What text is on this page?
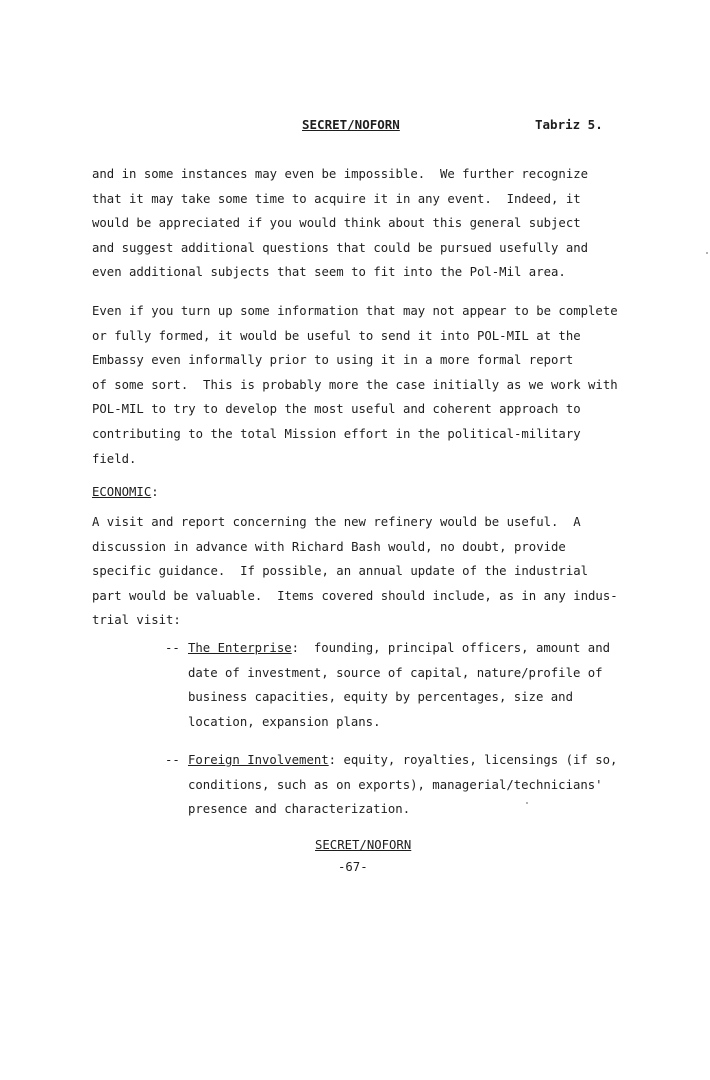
SECRET/NOFORN	Tabriz 5.
and in some instances may even be impossible.  We further recognize
that it may take some time to acquire it in any event.  Indeed, it
would be appreciated if you would think about this general subject
and suggest additional questions that could be pursued usefully and
even additional subjects that seem to fit into the Pol-Mil area.
Even if you turn up some information that may not appear to be complete
or fully formed, it would be useful to send it into POL-MIL at the
Embassy even informally prior to using it in a more formal report
of some sort.  This is probably more the case initially as we work with
POL-MIL to try to develop the most useful and coherent approach to
contributing to the total Mission effort in the political-military
field.
ECONOMIC:
A visit and report concerning the new refinery would be useful.  A
discussion in advance with Richard Bash would, no doubt, provide
specific guidance.  If possible, an annual update of the industrial
part would be valuable.  Items covered should include, as in any indus-
trial visit:
-- The Enterprise:  founding, principal officers, amount and
date of investment, source of capital, nature/profile of
business capacities, equity by percentages, size and
location, expansion plans.
-- Foreign Involvement: equity, royalties, licensings (if so,
conditions, such as on exports), managerial/technicians'
presence and characterization.
SECRET/NOFORN
-67-
